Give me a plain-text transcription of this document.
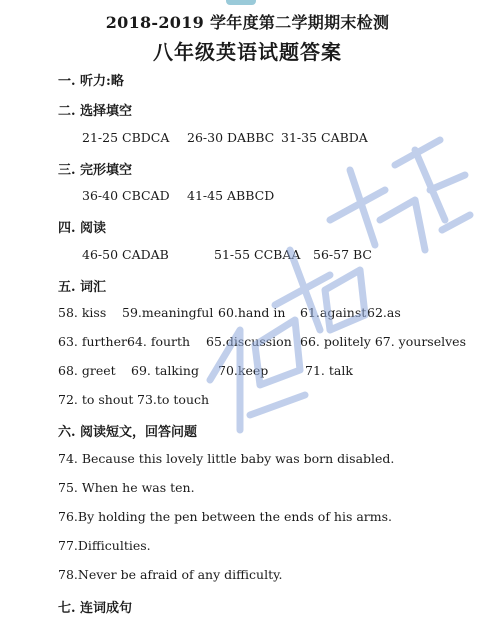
2018-2019 学年度第二学期期末检测
八年级英语试题答案
一. 听力:略
二. 选择填空
21-25 CBDCA 26-30 DABBC 31-35 CABDA
三. 完形填空
36-40 CBCAD 41-45 ABBCD
四. 阅读
46-50 CADAB	51-55 CCBAA 56-57 BC
五. 词汇
58. kiss 59.meaningful 60.hand in 61.against 62.as
63. further 64. fourth 65.discussion 66. politely 67. yourselves
68. greet 69. talking 70.keep	71. talk
72. to shout 73.to touch
六. 阅读短文，回答问题
74. Because this lovely little baby was born disabled.
75. When he was ten.
76.By holding the pen between the ends of his arms.
77.Difficulties.
78.Never be afraid of any difficulty.
七. 连词成句
